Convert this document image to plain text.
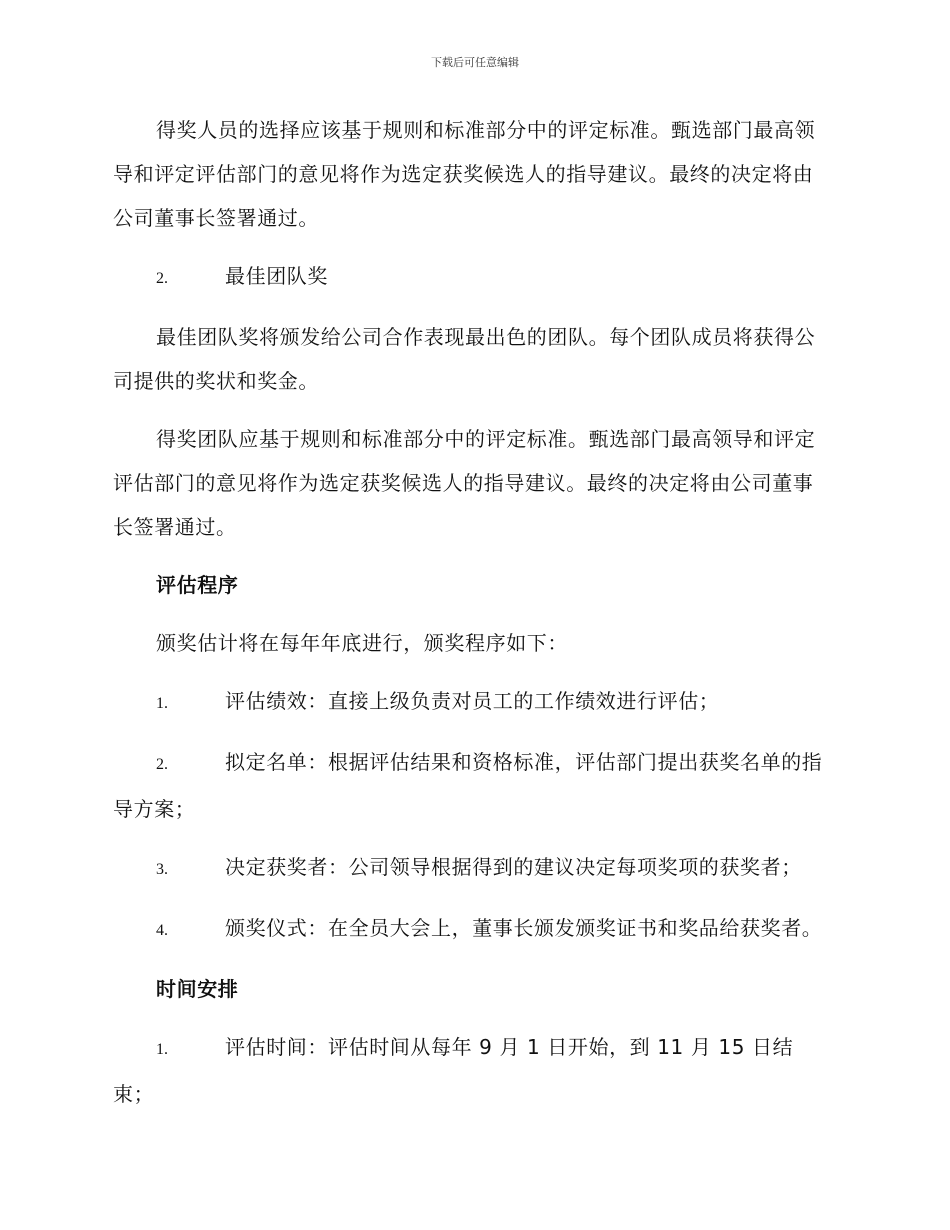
下载后可任意编辑

得奖人员的选择应该基于规则和标准部分中的评定标准。甄选部门最高领导和评定评估部门的意见将作为选定获奖候选人的指导建议。最终的决定将由公司董事长签署通过。

2.	最佳团队奖

最佳团队奖将颁发给公司合作表现最出色的团队。每个团队成员将获得公司提供的奖状和奖金。

得奖团队应基于规则和标准部分中的评定标准。甄选部门最高领导和评定评估部门的意见将作为选定获奖候选人的指导建议。最终的决定将由公司董事长签署通过。

评估程序

颁奖估计将在每年年底进行，颁奖程序如下：

1.	评估绩效：直接上级负责对员工的工作绩效进行评估；
2.	拟定名单：根据评估结果和资格标准，评估部门提出获奖名单的指导方案；
3.	决定获奖者：公司领导根据得到的建议决定每项奖项的获奖者；
4.	颁奖仪式：在全员大会上，董事长颁发颁奖证书和奖品给获奖者。
时间安排
1.	评估时间：评估时间从每年 9 月 1 日开始，到 11 月 15 日结束；
